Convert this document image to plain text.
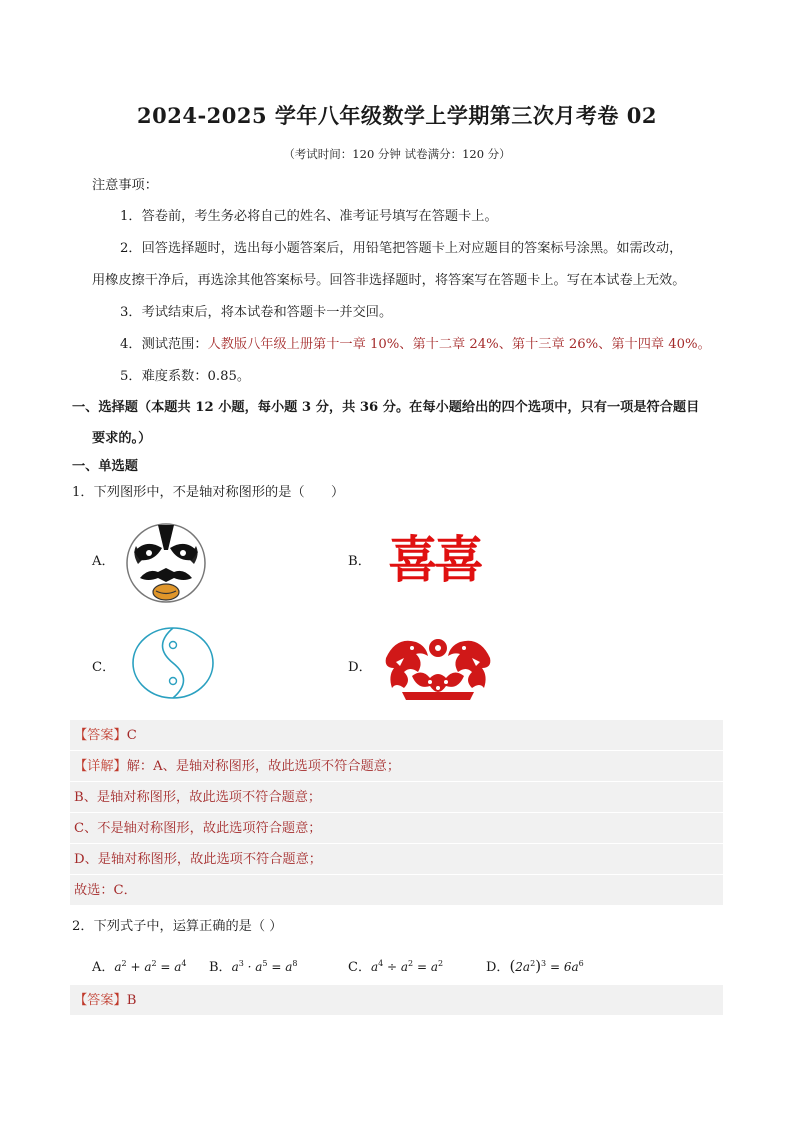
2024-2025 学年八年级数学上学期第三次月考卷 02
（考试时间：120 分钟 试卷满分：120 分）
注意事项：
1．答卷前，考生务必将自己的姓名、准考证号填写在答题卡上。
2．回答选择题时，选出每小题答案后，用铅笔把答题卡上对应题目的答案标号涂黑。如需改动，
用橡皮擦干净后，再选涂其他答案标号。回答非选择题时，将答案写在答题卡上。写在本试卷上无效。
3．考试结束后，将本试卷和答题卡一并交回。
4．测试范围：人教版八年级上册第十一章 10%、第十二章 24%、第十三章 26%、第十四章 40%。
5．难度系数：0.85。
一、选择题（本题共 12 小题，每小题 3 分，共 36 分。在每小题给出的四个选项中，只有一项是符合题目
要求的。）
一、单选题
1．下列图形中，不是轴对称图形的是（　　）
A．	B． 喜喜
C．	D．
【答案】C
【详解】解：A、是轴对称图形，故此选项不符合题意；
B、是轴对称图形，故此选项不符合题意；
C、不是轴对称图形，故此选项符合题意；
D、是轴对称图形，故此选项不符合题意；
故选：C．
2．下列式子中，运算正确的是（ ）
A．$a^2 + a^2 = a^4$ B．$a^3 \cdot a^5 = a^8$	C．$a^4 \div a^2 = a^2$	D．$(2a^2)^3 = 6a^6$
【答案】B
